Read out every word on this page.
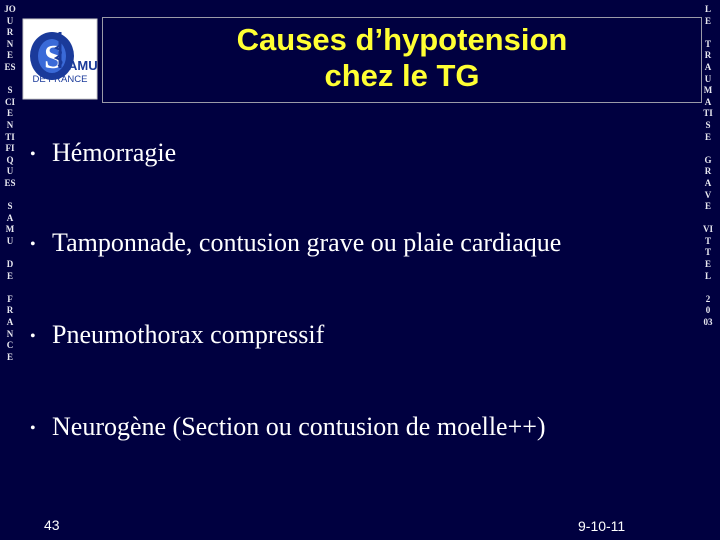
JO
U
R
N
E
ES
S
CI
E
N
TI
FI
Q
U
ES
S
A
M
U
D
E
F
R
A
N
C
E
L
E
T
R
A
U
M
A
TI
S
E
G
R
A
V
E
VI
T
T
E
L
2
0
03
S AMU
DE FRANCE
Causes d’hypotension
chez le TG
• Hémorragie
• Tamponnade, contusion grave ou plaie cardiaque
• Pneumothorax compressif
• Neurogène (Section ou contusion de moelle++)
43	9-10-11
